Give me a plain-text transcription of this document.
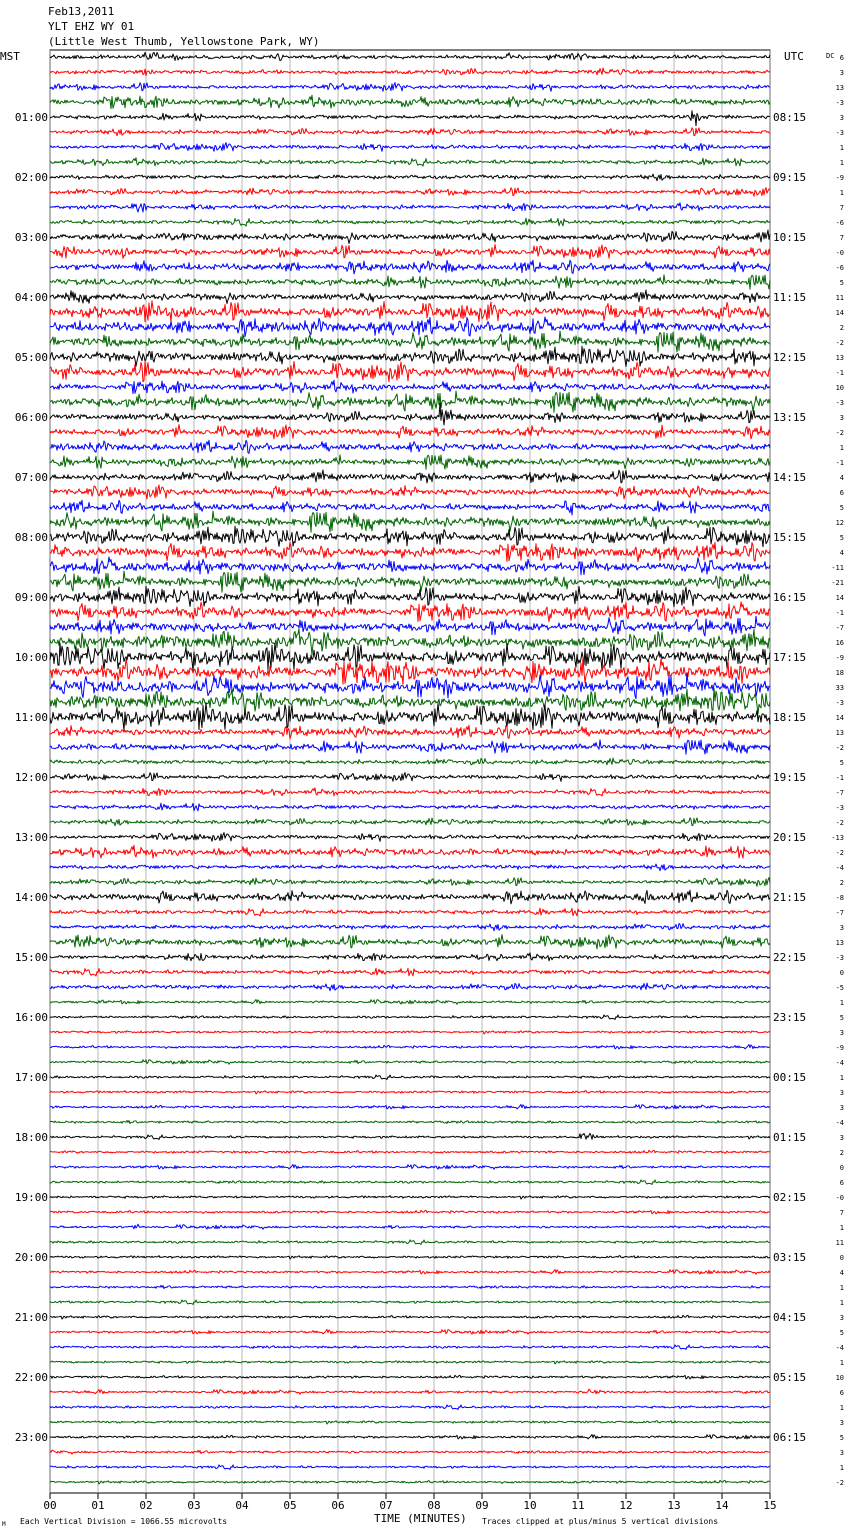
Feb13,2011
YLT EHZ WY 01
(Little West Thumb, Yellowstone Park, WY)
MST	UTC	DC
00	01	02	03	04	05	06	07	08	09	10	11	12	13	14	15
6
3
13
-3
3
-3
1
1
-9
1
7
-6
7
-0
-6
5
11
14
2
-2
13
-1
10
-3
3
-2
1
-1
4
6
5
12
5
4
-11
-21
14
-1
-7
16
-9
18
33
-3
14
13
-2
5
-1
-7
-3
-2
-13
-2
-4
2
-8
-7
3
13
-3
0
-5
1
5
3
-9
-4
1
3
3
-4
3
2
0
6
-0
7
1
11
0
4
1
1
3
5
-4
1
10
6
1
3
5
3
1
-2
01:00
02:00
03:00
04:00
05:00
06:00
07:00
08:00
09:00
10:00
11:00
12:00
13:00
14:00
15:00
16:00
17:00
18:00
19:00
20:00
21:00
22:00
23:00
08:15
09:15
10:15
11:15
12:15
13:15
14:15
15:15
16:15
17:15
18:15
19:15
20:15
21:15
22:15
23:15
00:15
01:15
02:15
03:15
04:15
05:15
06:15
M Each Vertical Division = 1066.55 microvolts	TIME (MINUTES) Traces clipped at plus/minus 5 vertical divisions
